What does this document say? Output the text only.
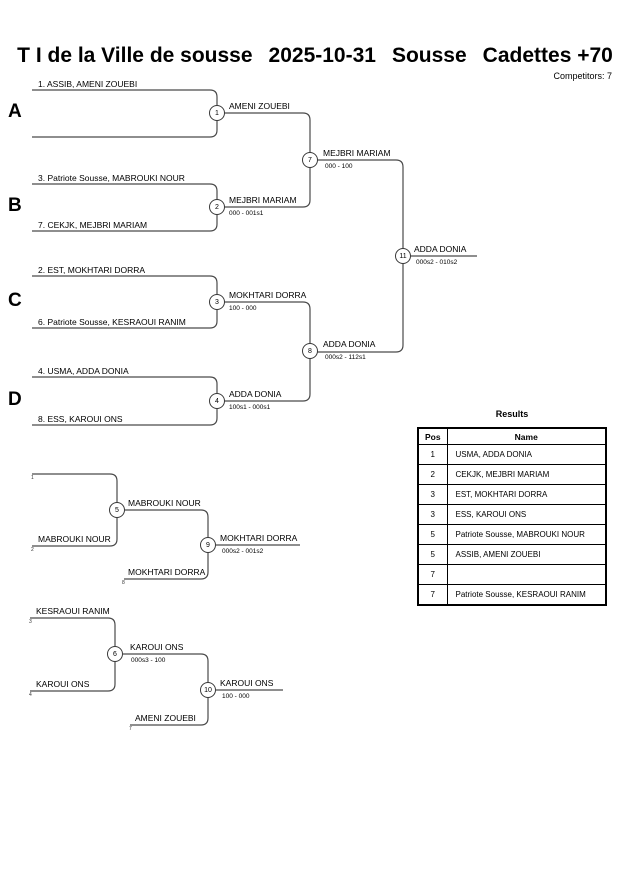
T I de la Ville de sousse 2025-10-31 Sousse Cadettes +70
Competitors: 7
A
B
C
D
1. ASSIB, AMENI ZOUEBI
3. Patriote Sousse, MABROUKI NOUR
7. CEKJK, MEJBRI MARIAM
2. EST, MOKHTARI DORRA
6. Patriote Sousse, KESRAOUI RANIM
4. USMA, ADDA DONIA
8. ESS, KAROUI ONS
1
2
3
4
7
8
11
5
9
6
10
AMENI ZOUEBI
MEJBRI MARIAM
000 - 001s1
MOKHTARI DORRA
100 - 000
ADDA DONIA
100s1 - 000s1
MEJBRI MARIAM
000 - 100
ADDA DONIA
000s2 - 112s1
ADDA DONIA
000s2 - 010s2
MABROUKI NOUR
MOKHTARI DORRA
000s2 - 001s2
KAROUI ONS
000s3 - 100
KAROUI ONS
100 - 000
MABROUKI NOUR
MOKHTARI DORRA
KESRAOUI RANIM
KAROUI ONS
AMENI ZOUEBI
1
2
8
3
4
7
Results
Pos	Name
1	USMA, ADDA DONIA
2	CEKJK, MEJBRI MARIAM
3	EST, MOKHTARI DORRA
3	ESS, KAROUI ONS
5	Patriote Sousse, MABROUKI NOUR
5	ASSIB, AMENI ZOUEBI
7	
7	Patriote Sousse, KESRAOUI RANIM
